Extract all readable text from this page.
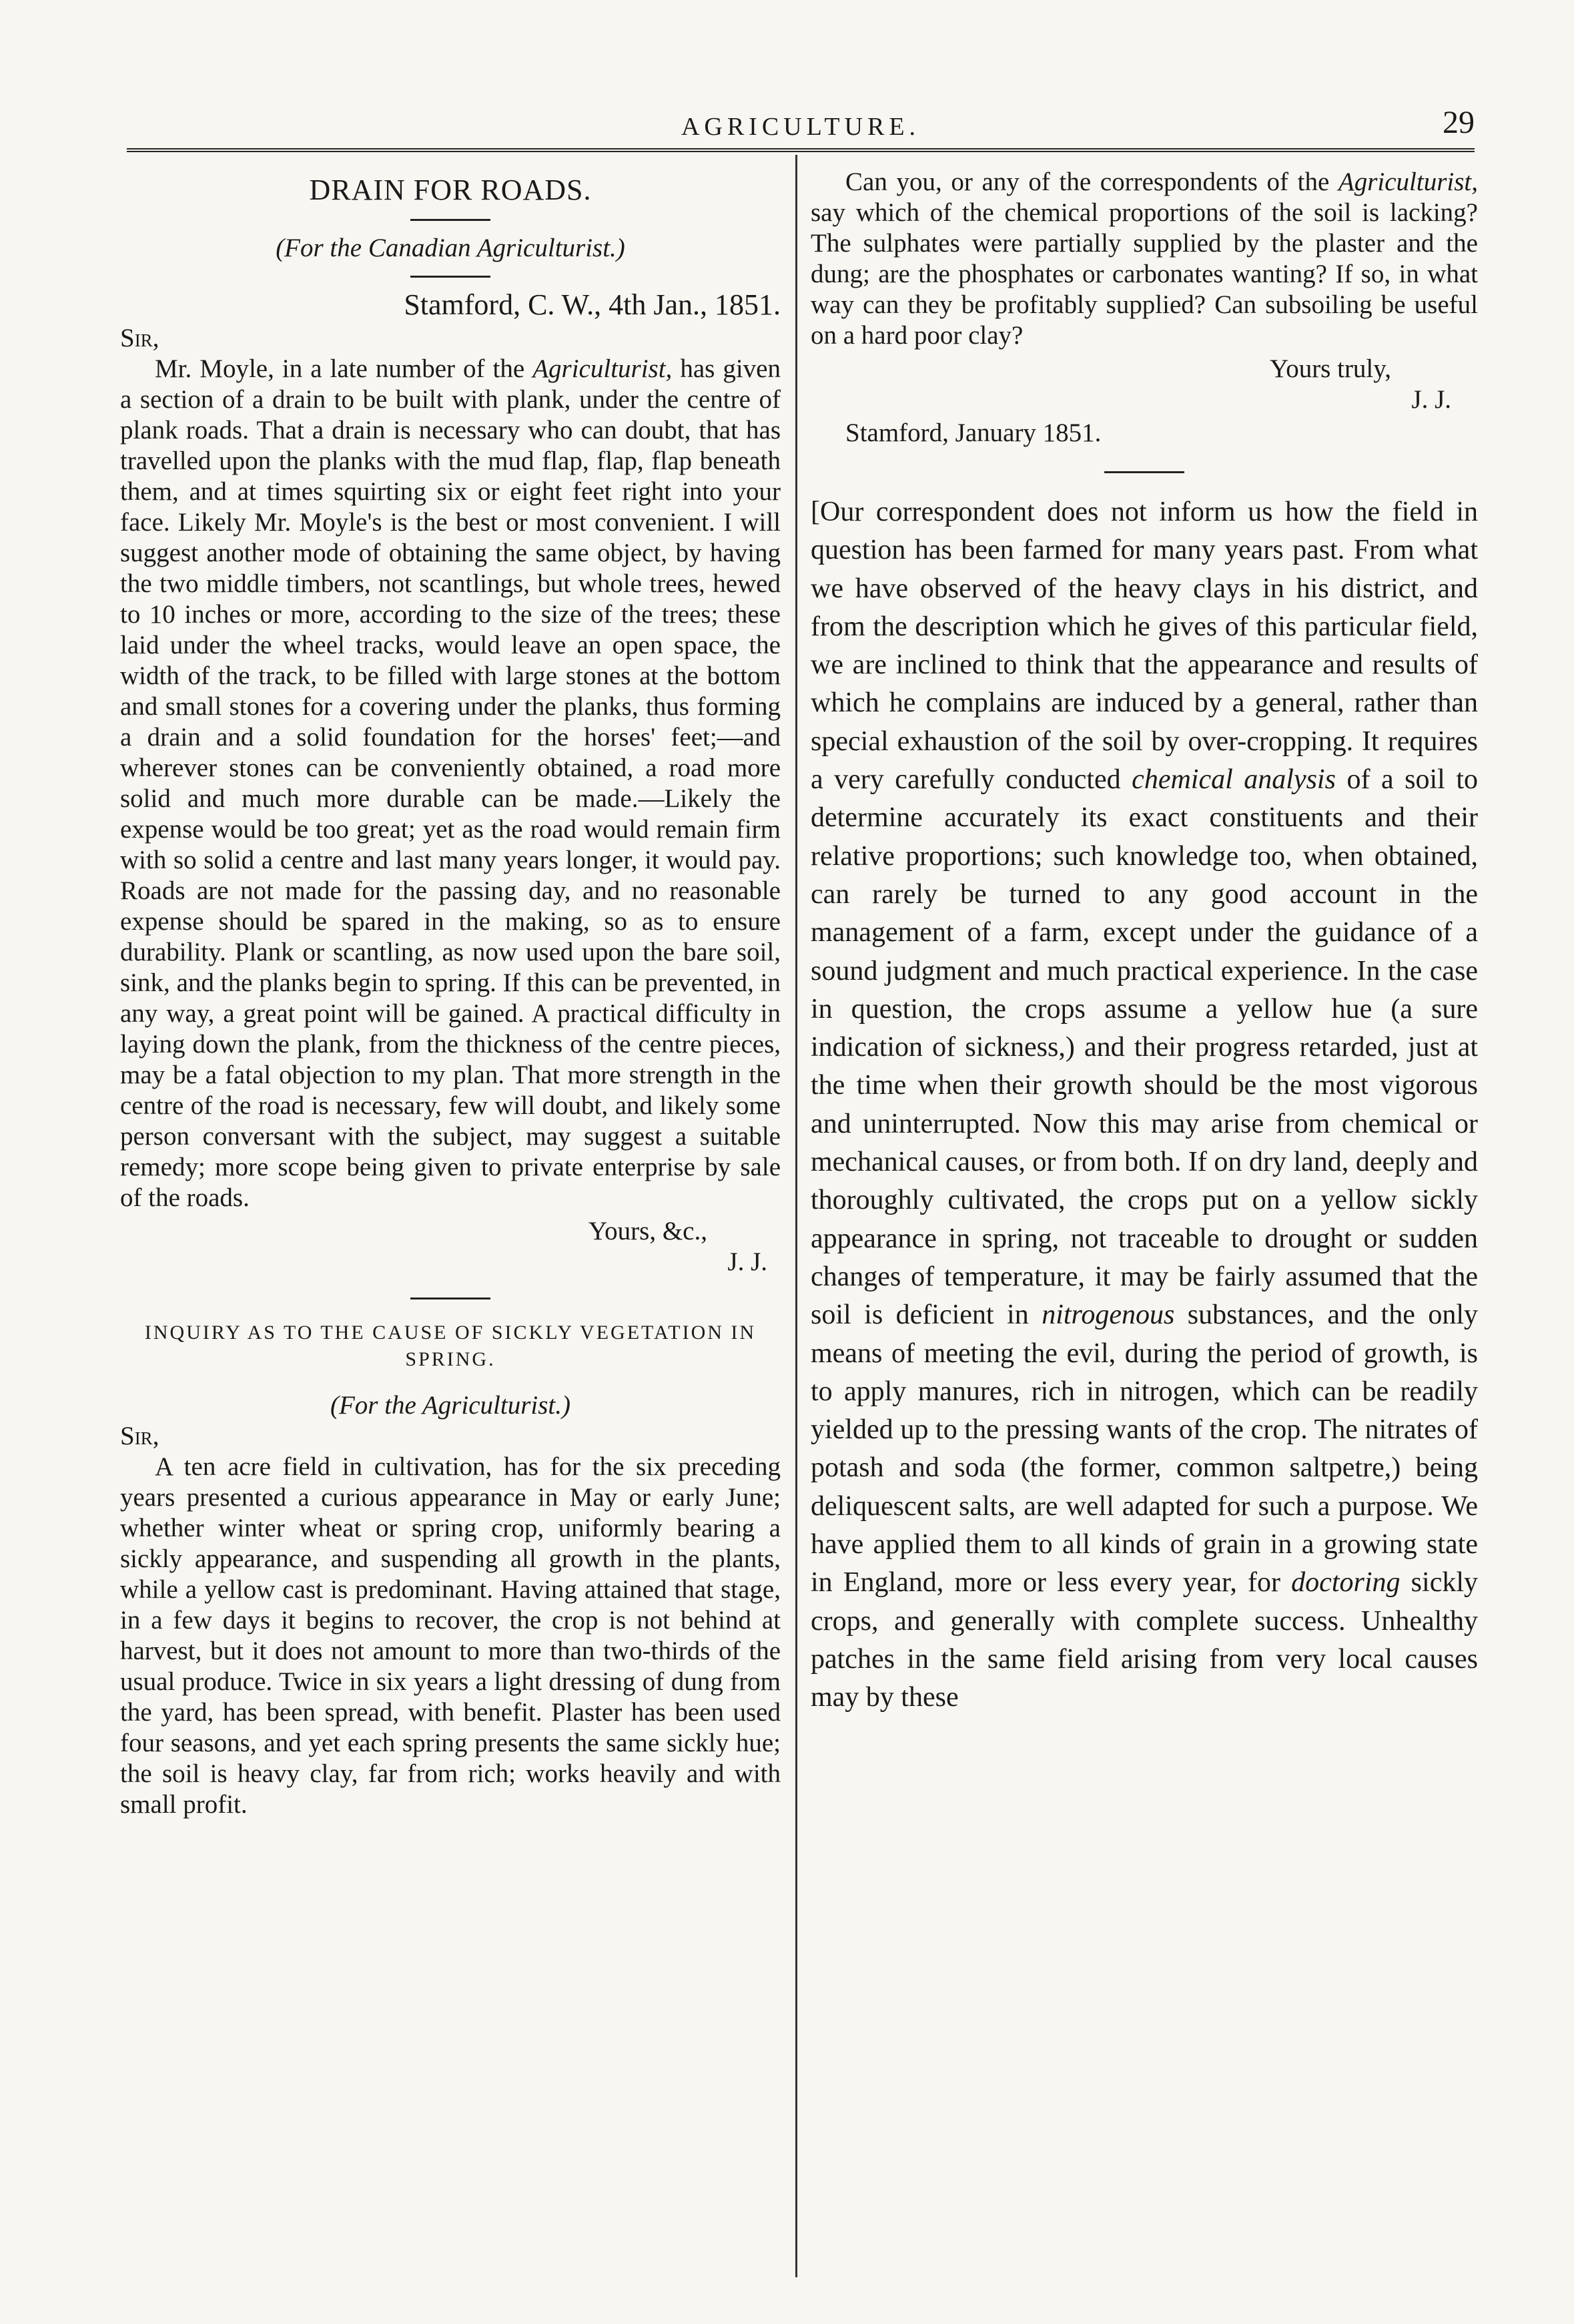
AGRICULTURE.	29
DRAIN FOR ROADS.

(For the Canadian Agriculturist.)

Stamford, C. W., 4th Jan., 1851.

Sir,

Mr. Moyle, in a late number of the Agriculturist, has given a section of a drain to be built with plank, under the centre of plank roads. That a drain is necessary who can doubt, that has travelled upon the planks with the mud flap, flap, flap beneath them, and at times squirting six or eight feet right into your face. Likely Mr. Moyle's is the best or most convenient. I will suggest another mode of obtaining the same object, by having the two middle timbers, not scantlings, but whole trees, hewed to 10 inches or more, according to the size of the trees; these laid under the wheel tracks, would leave an open space, the width of the track, to be filled with large stones at the bottom and small stones for a covering under the planks, thus forming a drain and a solid foundation for the horses' feet;—and wherever stones can be conveniently obtained, a road more solid and much more durable can be made.—Likely the expense would be too great; yet as the road would remain firm with so solid a centre and last many years longer, it would pay. Roads are not made for the passing day, and no reasonable expense should be spared in the making, so as to ensure durability. Plank or scantling, as now used upon the bare soil, sink, and the planks begin to spring. If this can be prevented, in any way, a great point will be gained. A practical difficulty in laying down the plank, from the thickness of the centre pieces, may be a fatal objection to my plan. That more strength in the centre of the road is necessary, few will doubt, and likely some person conversant with the subject, may suggest a suitable remedy; more scope being given to private enterprise by sale of the roads.

Yours, &c.,

J. J.

INQUIRY AS TO THE CAUSE OF SICKLY VEGETATION IN SPRING.

(For the Agriculturist.)

Sir,

A ten acre field in cultivation, has for the six preceding years presented a curious appearance in May or early June; whether winter wheat or spring crop, uniformly bearing a sickly appearance, and suspending all growth in the plants, while a yellow cast is predominant. Having attained that stage, in a few days it begins to recover, the crop is not behind at harvest, but it does not amount to more than two-thirds of the usual produce. Twice in six years a light dressing of dung from the yard, has been spread, with benefit. Plaster has been used four seasons, and yet each spring presents the same sickly hue; the soil is heavy clay, far from rich; works heavily and with small profit.

Can you, or any of the correspondents of the Agriculturist, say which of the chemical proportions of the soil is lacking? The sulphates were partially supplied by the plaster and the dung; are the phosphates or carbonates wanting? If so, in what way can they be profitably supplied? Can subsoiling be useful on a hard poor clay?

Yours truly,

J. J.

Stamford, January 1851.

[Our correspondent does not inform us how the field in question has been farmed for many years past. From what we have observed of the heavy clays in his district, and from the description which he gives of this particular field, we are inclined to think that the appearance and results of which he complains are induced by a general, rather than special exhaustion of the soil by over-cropping. It requires a very carefully conducted chemical analysis of a soil to determine accurately its exact constituents and their relative proportions; such knowledge too, when obtained, can rarely be turned to any good account in the management of a farm, except under the guidance of a sound judgment and much practical experience. In the case in question, the crops assume a yellow hue (a sure indication of sickness,) and their progress retarded, just at the time when their growth should be the most vigorous and uninterrupted. Now this may arise from chemical or mechanical causes, or from both. If on dry land, deeply and thoroughly cultivated, the crops put on a yellow sickly appearance in spring, not traceable to drought or sudden changes of temperature, it may be fairly assumed that the soil is deficient in nitrogenous substances, and the only means of meeting the evil, during the period of growth, is to apply manures, rich in nitrogen, which can be readily yielded up to the pressing wants of the crop. The nitrates of potash and soda (the former, common saltpetre,) being deliquescent salts, are well adapted for such a purpose. We have applied them to all kinds of grain in a growing state in England, more or less every year, for doctoring sickly crops, and generally with complete success. Unhealthy patches in the same field arising from very local causes may by these
